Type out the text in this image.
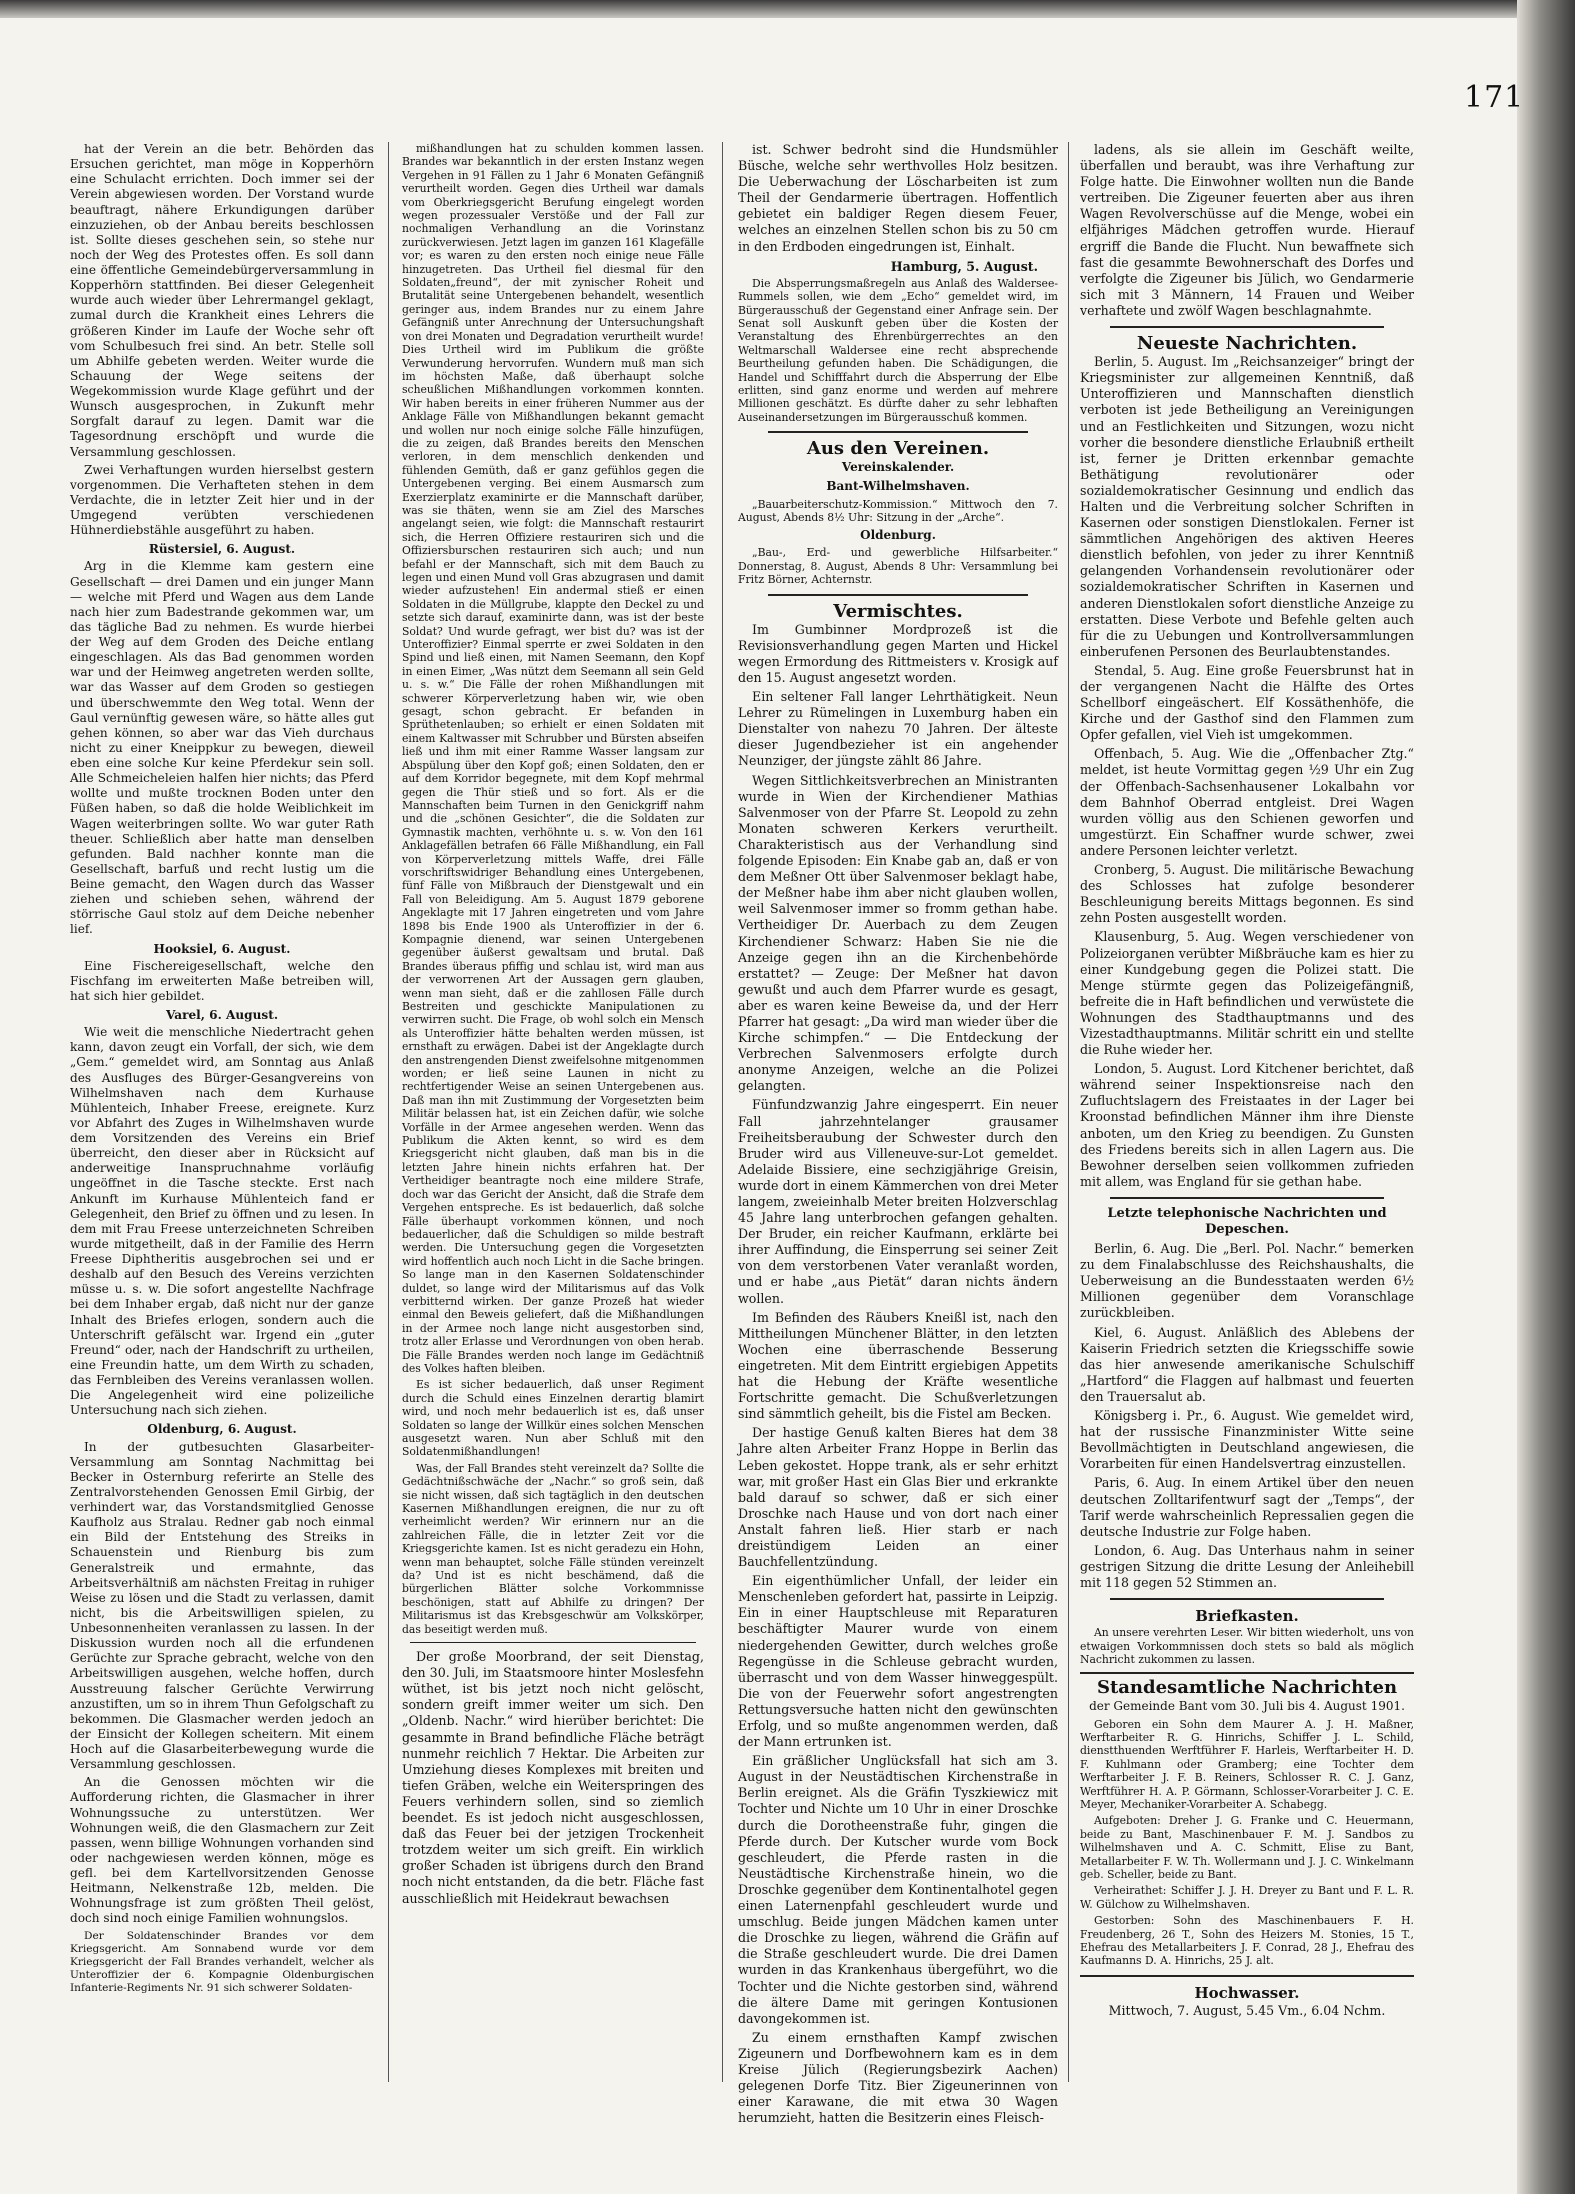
171

hat der Verein an die betr. Behörden das Ersuchen gerichtet, man möge in Kopperhörn eine Schulacht errichten. Doch immer sei der Verein abgewiesen worden. Der Vorstand wurde beauftragt, nähere Erkundigungen darüber einzuziehen, ob der Anbau bereits beschlossen ist. Sollte dieses geschehen sein, so stehe nur noch der Weg des Protestes offen. Es soll dann eine öffentliche Gemeindebürgerversammlung in Kopperhörn stattfinden. Bei dieser Gelegenheit wurde auch wieder über Lehrermangel geklagt, zumal durch die Krankheit eines Lehrers die größeren Kinder im Laufe der Woche sehr oft vom Schulbesuch frei sind. An betr. Stelle soll um Abhilfe gebeten werden. Weiter wurde die Schauung der Wege seitens der Wegekommission wurde Klage geführt und der Wunsch ausgesprochen, in Zukunft mehr Sorgfalt darauf zu legen. Damit war die Tagesordnung erschöpft und wurde die Versammlung geschlossen.

Zwei Verhaftungen wurden hierselbst gestern vorgenommen. Die Verhafteten stehen in dem Verdachte, die in letzter Zeit hier und in der Umgegend verübten verschiedenen Hühnerdiebstähle ausgeführt zu haben.

Rüstersiel, 6. August.

Arg in die Klemme kam gestern eine Gesellschaft — drei Damen und ein junger Mann — welche mit Pferd und Wagen aus dem Lande nach hier zum Badestrande gekommen war, um das tägliche Bad zu nehmen. Es wurde hierbei der Weg auf dem Groden des Deiche entlang eingeschlagen. Als das Bad genommen worden war und der Heimweg angetreten werden sollte, war das Wasser auf dem Groden so gestiegen und überschwemmte den Weg total. Wenn der Gaul vernünftig gewesen wäre, so hätte alles gut gehen können, so aber war das Vieh durchaus nicht zu einer Kneippkur zu bewegen, dieweil eben eine solche Kur keine Pferdekur sein soll. Alle Schmeicheleien halfen hier nichts; das Pferd wollte und mußte trocknen Boden unter den Füßen haben, so daß die holde Weiblichkeit im Wagen weiterbringen sollte. Wo war guter Rath theuer. Schließlich aber hatte man denselben gefunden. Bald nachher konnte man die Gesellschaft, barfuß und recht lustig um die Beine gemacht, den Wagen durch das Wasser ziehen und schieben sehen, während der störrische Gaul stolz auf dem Deiche nebenher lief.

Hooksiel, 6. August.

Eine Fischereigesellschaft, welche den Fischfang im erweiterten Maße betreiben will, hat sich hier gebildet.

Varel, 6. August.

Wie weit die menschliche Niedertracht gehen kann, davon zeugt ein Vorfall, der sich, wie dem „Gem.“ gemeldet wird, am Sonntag aus Anlaß des Ausfluges des Bürger-Gesangvereins von Wilhelmshaven nach dem Kurhause Mühlenteich, Inhaber Freese, ereignete. Kurz vor Abfahrt des Zuges in Wilhelmshaven wurde dem Vorsitzenden des Vereins ein Brief überreicht, den dieser aber in Rücksicht auf anderweitige Inanspruchnahme vorläufig ungeöffnet in die Tasche steckte. Erst nach Ankunft im Kurhause Mühlenteich fand er Gelegenheit, den Brief zu öffnen und zu lesen. In dem mit Frau Freese unterzeichneten Schreiben wurde mitgetheilt, daß in der Familie des Herrn Freese Diphtheritis ausgebrochen sei und er deshalb auf den Besuch des Vereins verzichten müsse u. s. w. Die sofort angestellte Nachfrage bei dem Inhaber ergab, daß nicht nur der ganze Inhalt des Briefes erlogen, sondern auch die Unterschrift gefälscht war. Irgend ein „guter Freund“ oder, nach der Handschrift zu urtheilen, eine Freundin hatte, um dem Wirth zu schaden, das Fernbleiben des Vereins veranlassen wollen. Die Angelegenheit wird eine polizeiliche Untersuchung nach sich ziehen.

Oldenburg, 6. August.

In der gutbesuchten Glasarbeiter-Versammlung am Sonntag Nachmittag bei Becker in Osternburg referirte an Stelle des Zentralvorstehenden Genossen Emil Girbig, der verhindert war, das Vorstandsmitglied Genosse Kaufholz aus Stralau. Redner gab noch einmal ein Bild der Entstehung des Streiks in Schauenstein und Rienburg bis zum Generalstreik und ermahnte, das Arbeitsverhältniß am nächsten Freitag in ruhiger Weise zu lösen und die Stadt zu verlassen, damit nicht, bis die Arbeitswilligen spielen, zu Unbesonnenheiten veranlassen zu lassen. In der Diskussion wurden noch all die erfundenen Gerüchte zur Sprache gebracht, welche von den Arbeitswilligen ausgehen, welche hoffen, durch Ausstreuung falscher Gerüchte Verwirrung anzustiften, um so in ihrem Thun Gefolgschaft zu bekommen. Die Glasmacher werden jedoch an der Einsicht der Kollegen scheitern. Mit einem Hoch auf die Glasarbeiterbewegung wurde die Versammlung geschlossen.

An die Genossen möchten wir die Aufforderung richten, die Glasmacher in ihrer Wohnungssuche zu unterstützen. Wer Wohnungen weiß, die den Glasmachern zur Zeit passen, wenn billige Wohnungen vorhanden sind oder nachgewiesen werden können, möge es gefl. bei dem Kartellvorsitzenden Genosse Heitmann, Nelkenstraße 12b, melden. Die Wohnungsfrage ist zum größten Theil gelöst, doch sind noch einige Familien wohnungslos.

Der Soldatenschinder Brandes vor dem Kriegsgericht. Am Sonnabend wurde vor dem Kriegsgericht der Fall Brandes verhandelt, welcher als Unteroffizier der 6. Kompagnie Oldenburgischen Infanterie-Regiments Nr. 91 sich schwerer Soldaten-

mißhandlungen hat zu schulden kommen lassen. Brandes war bekanntlich in der ersten Instanz wegen Vergehen in 91 Fällen zu 1 Jahr 6 Monaten Gefängniß verurtheilt worden. Gegen dies Urtheil war damals vom Oberkriegsgericht Berufung eingelegt worden wegen prozessualer Verstöße und der Fall zur nochmaligen Verhandlung an die Vorinstanz zurückverwiesen. Jetzt lagen im ganzen 161 Klagefälle vor; es waren zu den ersten noch einige neue Fälle hinzugetreten. Das Urtheil fiel diesmal für den Soldaten„freund“, der mit zynischer Roheit und Brutalität seine Untergebenen behandelt, wesentlich geringer aus, indem Brandes nur zu einem Jahre Gefängniß unter Anrechnung der Untersuchungshaft von drei Monaten und Degradation verurtheilt wurde! Dies Urtheil wird im Publikum die größte Verwunderung hervorrufen. Wundern muß man sich im höchsten Maße, daß überhaupt solche scheußlichen Mißhandlungen vorkommen konnten. Wir haben bereits in einer früheren Nummer aus der Anklage Fälle von Mißhandlungen bekannt gemacht und wollen nur noch einige solche Fälle hinzufügen, die zu zeigen, daß Brandes bereits den Menschen verloren, in dem menschlich denkenden und fühlenden Gemüth, daß er ganz gefühlos gegen die Untergebenen verging. Bei einem Ausmarsch zum Exerzierplatz examinirte er die Mannschaft darüber, was sie thäten, wenn sie am Ziel des Marsches angelangt seien, wie folgt: die Mannschaft restaurirt sich, die Herren Offiziere restauriren sich und die Offiziersburschen restauriren sich auch; und nun befahl er der Mannschaft, sich mit dem Bauch zu legen und einen Mund voll Gras abzugrasen und damit wieder aufzustehen! Ein andermal stieß er einen Soldaten in die Müllgrube, klappte den Deckel zu und setzte sich darauf, examinirte dann, was ist der beste Soldat? Und wurde gefragt, wer bist du? was ist der Unteroffizier? Einmal sperrte er zwei Soldaten in den Spind und ließ einen, mit Namen Seemann, den Kopf in einen Eimer, „Was nützt dem Seemann all sein Geld u. s. w.“ Die Fälle der rohen Mißhandlungen mit schwerer Körperverletzung haben wir, wie oben gesagt, schon gebracht. Er befanden in Sprüthetenlauben; so erhielt er einen Soldaten mit einem Kaltwasser mit Schrubber und Bürsten abseifen ließ und ihm mit einer Ramme Wasser langsam zur Abspülung über den Kopf goß; einen Soldaten, den er auf dem Korridor begegnete, mit dem Kopf mehrmal gegen die Thür stieß und so fort. Als er die Mannschaften beim Turnen in den Genickgriff nahm und die „schönen Gesichter“, die die Soldaten zur Gymnastik machten, verhöhnte u. s. w. Von den 161 Anklagefällen betrafen 66 Fälle Mißhandlung, ein Fall von Körperverletzung mittels Waffe, drei Fälle vorschriftswidriger Behandlung eines Untergebenen, fünf Fälle von Mißbrauch der Dienstgewalt und ein Fall von Beleidigung. Am 5. August 1879 geborene Angeklagte mit 17 Jahren eingetreten und vom Jahre 1898 bis Ende 1900 als Unteroffizier in der 6. Kompagnie dienend, war seinen Untergebenen gegenüber äußerst gewaltsam und brutal. Daß Brandes überaus pfiffig und schlau ist, wird man aus der verworrenen Art der Aussagen gern glauben, wenn man sieht, daß er die zahllosen Fälle durch Bestreiten und geschickte Manipulationen zu verwirren sucht. Die Frage, ob wohl solch ein Mensch als Unteroffizier hätte behalten werden müssen, ist ernsthaft zu erwägen. Dabei ist der Angeklagte durch den anstrengenden Dienst zweifelsohne mitgenommen worden; er ließ seine Launen in nicht zu rechtfertigender Weise an seinen Untergebenen aus. Daß man ihn mit Zustimmung der Vorgesetzten beim Militär belassen hat, ist ein Zeichen dafür, wie solche Vorfälle in der Armee angesehen werden. Wenn das Publikum die Akten kennt, so wird es dem Kriegsgericht nicht glauben, daß man bis in die letzten Jahre hinein nichts erfahren hat. Der Vertheidiger beantragte noch eine mildere Strafe, doch war das Gericht der Ansicht, daß die Strafe dem Vergehen entspreche. Es ist bedauerlich, daß solche Fälle überhaupt vorkommen können, und noch bedauerlicher, daß die Schuldigen so milde bestraft werden. Die Untersuchung gegen die Vorgesetzten wird hoffentlich auch noch Licht in die Sache bringen. So lange man in den Kasernen Soldatenschinder duldet, so lange wird der Militarismus auf das Volk verbitternd wirken. Der ganze Prozeß hat wieder einmal den Beweis geliefert, daß die Mißhandlungen in der Armee noch lange nicht ausgestorben sind, trotz aller Erlasse und Verordnungen von oben herab. Die Fälle Brandes werden noch lange im Gedächtniß des Volkes haften bleiben.

Es ist sicher bedauerlich, daß unser Regiment durch die Schuld eines Einzelnen derartig blamirt wird, und noch mehr bedauerlich ist es, daß unser Soldaten so lange der Willkür eines solchen Menschen ausgesetzt waren. Nun aber Schluß mit den Soldatenmißhandlungen!

Was, der Fall Brandes steht vereinzelt da? Sollte die Gedächtnißschwäche der „Nachr.“ so groß sein, daß sie nicht wissen, daß sich tagtäglich in den deutschen Kasernen Mißhandlungen ereignen, die nur zu oft verheimlicht werden? Wir erinnern nur an die zahlreichen Fälle, die in letzter Zeit vor die Kriegsgerichte kamen. Ist es nicht geradezu ein Hohn, wenn man behauptet, solche Fälle stünden vereinzelt da? Und ist es nicht beschämend, daß die bürgerlichen Blätter solche Vorkommnisse beschönigen, statt auf Abhilfe zu dringen? Der Militarismus ist das Krebsgeschwür am Volkskörper, das beseitigt werden muß.

Der große Moorbrand, der seit Dienstag, den 30. Juli, im Staatsmoore hinter Moslesfehn wüthet, ist bis jetzt noch nicht gelöscht, sondern greift immer weiter um sich. Den „Oldenb. Nachr.“ wird hierüber berichtet: Die gesammte in Brand befindliche Fläche beträgt nunmehr reichlich 7 Hektar. Die Arbeiten zur Umziehung dieses Komplexes mit breiten und tiefen Gräben, welche ein Weiterspringen des Feuers verhindern sollen, sind so ziemlich beendet. Es ist jedoch nicht ausgeschlossen, daß das Feuer bei der jetzigen Trockenheit trotzdem weiter um sich greift. Ein wirklich großer Schaden ist übrigens durch den Brand noch nicht entstanden, da die betr. Fläche fast ausschließlich mit Heidekraut bewachsen

ist. Schwer bedroht sind die Hundsmühler Büsche, welche sehr werthvolles Holz besitzen. Die Ueberwachung der Löscharbeiten ist zum Theil der Gendarmerie übertragen. Hoffentlich gebietet ein baldiger Regen diesem Feuer, welches an einzelnen Stellen schon bis zu 50 cm in den Erdboden eingedrungen ist, Einhalt.

Hamburg, 5. August.

Die Absperrungsmaßregeln aus Anlaß des Waldersee-Rummels sollen, wie dem „Echo“ gemeldet wird, im Bürgerausschuß der Gegenstand einer Anfrage sein. Der Senat soll Auskunft geben über die Kosten der Veranstaltung des Ehrenbürgerrechtes an den Weltmarschall Waldersee eine recht absprechende Beurtheilung gefunden haben. Die Schädigungen, die Handel und Schifffahrt durch die Absperrung der Elbe erlitten, sind ganz enorme und werden auf mehrere Millionen geschätzt. Es dürfte daher zu sehr lebhaften Auseinandersetzungen im Bürgerausschuß kommen.

Aus den Vereinen.
Vereinskalender.
Bant-Wilhelmshaven.

„Bauarbeiterschutz-Kommission.“ Mittwoch den 7. August, Abends 8½ Uhr: Sitzung in der „Arche“.

Oldenburg.

„Bau-, Erd- und gewerbliche Hilfsarbeiter.“ Donnerstag, 8. August, Abends 8 Uhr: Versammlung bei Fritz Börner, Achternstr.

Vermischtes.

Im Gumbinner Mordprozeß ist die Revisionsverhandlung gegen Marten und Hickel wegen Ermordung des Rittmeisters v. Krosigk auf den 15. August angesetzt worden.

Ein seltener Fall langer Lehrthätigkeit. Neun Lehrer zu Rümelingen in Luxemburg haben ein Dienstalter von nahezu 70 Jahren. Der älteste dieser Jugendbezieher ist ein angehender Neunziger, der jüngste zählt 86 Jahre.

Wegen Sittlichkeitsverbrechen an Ministranten wurde in Wien der Kirchendiener Mathias Salvenmoser von der Pfarre St. Leopold zu zehn Monaten schweren Kerkers verurtheilt. Charakteristisch aus der Verhandlung sind folgende Episoden: Ein Knabe gab an, daß er von dem Meßner Ott über Salvenmoser beklagt habe, der Meßner habe ihm aber nicht glauben wollen, weil Salvenmoser immer so fromm gethan habe. Vertheidiger Dr. Auerbach zu dem Zeugen Kirchendiener Schwarz: Haben Sie nie die Anzeige gegen ihn an die Kirchenbehörde erstattet? — Zeuge: Der Meßner hat davon gewußt und auch dem Pfarrer wurde es gesagt, aber es waren keine Beweise da, und der Herr Pfarrer hat gesagt: „Da wird man wieder über die Kirche schimpfen.“ — Die Entdeckung der Verbrechen Salvenmosers erfolgte durch anonyme Anzeigen, welche an die Polizei gelangten.

Fünfundzwanzig Jahre eingesperrt. Ein neuer Fall jahrzehntelanger grausamer Freiheitsberaubung der Schwester durch den Bruder wird aus Villeneuve-sur-Lot gemeldet. Adelaide Bissiere, eine sechzigjährige Greisin, wurde dort in einem Kämmerchen von drei Meter langem, zweieinhalb Meter breiten Holzverschlag 45 Jahre lang unterbrochen gefangen gehalten. Der Bruder, ein reicher Kaufmann, erklärte bei ihrer Auffindung, die Einsperrung sei seiner Zeit von dem verstorbenen Vater veranlaßt worden, und er habe „aus Pietät“ daran nichts ändern wollen.

Im Befinden des Räubers Kneißl ist, nach den Mittheilungen Münchener Blätter, in den letzten Wochen eine überraschende Besserung eingetreten. Mit dem Eintritt ergiebigen Appetits hat die Hebung der Kräfte wesentliche Fortschritte gemacht. Die Schußverletzungen sind sämmtlich geheilt, bis die Fistel am Becken.

Der hastige Genuß kalten Bieres hat dem 38 Jahre alten Arbeiter Franz Hoppe in Berlin das Leben gekostet. Hoppe trank, als er sehr erhitzt war, mit großer Hast ein Glas Bier und erkrankte bald darauf so schwer, daß er sich einer Droschke nach Hause und von dort nach einer Anstalt fahren ließ. Hier starb er nach dreistündigem Leiden an einer Bauchfellentzündung.

Ein eigenthümlicher Unfall, der leider ein Menschenleben gefordert hat, passirte in Leipzig. Ein in einer Hauptschleuse mit Reparaturen beschäftigter Maurer wurde von einem niedergehenden Gewitter, durch welches große Regengüsse in die Schleuse gebracht wurden, überrascht und von dem Wasser hinweggespült. Die von der Feuerwehr sofort angestrengten Rettungsversuche hatten nicht den gewünschten Erfolg, und so mußte angenommen werden, daß der Mann ertrunken ist.

Ein gräßlicher Unglücksfall hat sich am 3. August in der Neustädtischen Kirchenstraße in Berlin ereignet. Als die Gräfin Tyszkiewicz mit Tochter und Nichte um 10 Uhr in einer Droschke durch die Dorotheenstraße fuhr, gingen die Pferde durch. Der Kutscher wurde vom Bock geschleudert, die Pferde rasten in die Neustädtische Kirchenstraße hinein, wo die Droschke gegenüber dem Kontinentalhotel gegen einen Laternenpfahl geschleudert wurde und umschlug. Beide jungen Mädchen kamen unter die Droschke zu liegen, während die Gräfin auf die Straße geschleudert wurde. Die drei Damen wurden in das Krankenhaus übergeführt, wo die Tochter und die Nichte gestorben sind, während die ältere Dame mit geringen Kontusionen davongekommen ist.

Zu einem ernsthaften Kampf zwischen Zigeunern und Dorfbewohnern kam es in dem Kreise Jülich (Regierungsbezirk Aachen) gelegenen Dorfe Titz. Bier Zigeunerinnen von einer Karawane, die mit etwa 30 Wagen herumzieht, hatten die Besitzerin eines Fleisch-

ladens, als sie allein im Geschäft weilte, überfallen und beraubt, was ihre Verhaftung zur Folge hatte. Die Einwohner wollten nun die Bande vertreiben. Die Zigeuner feuerten aber aus ihren Wagen Revolverschüsse auf die Menge, wobei ein elfjähriges Mädchen getroffen wurde. Hierauf ergriff die Bande die Flucht. Nun bewaffnete sich fast die gesammte Bewohnerschaft des Dorfes und verfolgte die Zigeuner bis Jülich, wo Gendarmerie sich mit 3 Männern, 14 Frauen und Weiber verhaftete und zwölf Wagen beschlagnahmte.

Neueste Nachrichten.

Berlin, 5. August. Im „Reichsanzeiger“ bringt der Kriegsminister zur allgemeinen Kenntniß, daß Unteroffizieren und Mannschaften dienstlich verboten ist jede Betheiligung an Vereinigungen und an Festlichkeiten und Sitzungen, wozu nicht vorher die besondere dienstliche Erlaubniß ertheilt ist, ferner je Dritten erkennbar gemachte Bethätigung revolutionärer oder sozialdemokratischer Gesinnung und endlich das Halten und die Verbreitung solcher Schriften in Kasernen oder sonstigen Dienstlokalen. Ferner ist sämmtlichen Angehörigen des aktiven Heeres dienstlich befohlen, von jeder zu ihrer Kenntniß gelangenden Vorhandensein revolutionärer oder sozialdemokratischer Schriften in Kasernen und anderen Dienstlokalen sofort dienstliche Anzeige zu erstatten. Diese Verbote und Befehle gelten auch für die zu Uebungen und Kontrollversammlungen einberufenen Personen des Beurlaubtenstandes.

Stendal, 5. Aug. Eine große Feuersbrunst hat in der vergangenen Nacht die Hälfte des Ortes Schellborf eingeäschert. Elf Kossäthenhöfe, die Kirche und der Gasthof sind den Flammen zum Opfer gefallen, viel Vieh ist umgekommen.

Offenbach, 5. Aug. Wie die „Offenbacher Ztg.“ meldet, ist heute Vormittag gegen ½9 Uhr ein Zug der Offenbach-Sachsenhausener Lokalbahn vor dem Bahnhof Oberrad entgleist. Drei Wagen wurden völlig aus den Schienen geworfen und umgestürzt. Ein Schaffner wurde schwer, zwei andere Personen leichter verletzt.

Cronberg, 5. August. Die militärische Bewachung des Schlosses hat zufolge besonderer Beschleunigung bereits Mittags begonnen. Es sind zehn Posten ausgestellt worden.

Klausenburg, 5. Aug. Wegen verschiedener von Polizeiorganen verübter Mißbräuche kam es hier zu einer Kundgebung gegen die Polizei statt. Die Menge stürmte gegen das Polizeigefängniß, befreite die in Haft befindlichen und verwüstete die Wohnungen des Stadthauptmanns und des Vizestadthauptmanns. Militär schritt ein und stellte die Ruhe wieder her.

London, 5. August. Lord Kitchener berichtet, daß während seiner Inspektionsreise nach den Zufluchtslagern des Freistaates in der Lager bei Kroonstad befindlichen Männer ihm ihre Dienste anboten, um den Krieg zu beendigen. Zu Gunsten des Friedens bereits sich in allen Lagern aus. Die Bewohner derselben seien vollkommen zufrieden mit allem, was England für sie gethan habe.

Letzte telephonische Nachrichten und Depeschen.

Berlin, 6. Aug. Die „Berl. Pol. Nachr.“ bemerken zu dem Finalabschlusse des Reichshaushalts, die Ueberweisung an die Bundesstaaten werden 6½ Millionen gegenüber dem Voranschlage zurückbleiben.

Kiel, 6. August. Anläßlich des Ablebens der Kaiserin Friedrich setzten die Kriegsschiffe sowie das hier anwesende amerikanische Schulschiff „Hartford“ die Flaggen auf halbmast und feuerten den Trauersalut ab.

Königsberg i. Pr., 6. August. Wie gemeldet wird, hat der russische Finanzminister Witte seine Bevollmächtigten in Deutschland angewiesen, die Vorarbeiten für einen Handelsvertrag einzustellen.

Paris, 6. Aug. In einem Artikel über den neuen deutschen Zolltarifentwurf sagt der „Temps“, der Tarif werde wahrscheinlich Repressalien gegen die deutsche Industrie zur Folge haben.

London, 6. Aug. Das Unterhaus nahm in seiner gestrigen Sitzung die dritte Lesung der Anleihebill mit 118 gegen 52 Stimmen an.

Briefkasten.

An unsere verehrten Leser. Wir bitten wiederholt, uns von etwaigen Vorkommnissen doch stets so bald als möglich Nachricht zukommen zu lassen.

Standesamtliche Nachrichten
der Gemeinde Bant vom 30. Juli bis 4. August 1901.

Geboren ein Sohn dem Maurer A. J. H. Maßner, Werftarbeiter R. G. Hinrichs, Schiffer J. L. Schild, dienstthuenden Werftführer F. Harleis, Werftarbeiter H. D. F. Kuhlmann oder Gramberg; eine Tochter dem Werftarbeiter J. F. B. Reiners, Schlosser R. C. J. Ganz, Werftführer H. A. P. Görmann, Schlosser-Vorarbeiter J. C. E. Meyer, Mechaniker-Vorarbeiter A. Schabegg.

Aufgeboten: Dreher J. G. Franke und C. Heuermann, beide zu Bant, Maschinenbauer F. M. J. Sandbos zu Wilhelmshaven und A. C. Schmitt, Elise zu Bant, Metallarbeiter F. W. Th. Wollermann und J. J. C. Winkelmann geb. Scheller, beide zu Bant.

Verheirathet: Schiffer J. J. H. Dreyer zu Bant und F. L. R. W. Gülchow zu Wilhelmshaven.

Gestorben: Sohn des Maschinenbauers F. H. Freudenberg, 26 T., Sohn des Heizers M. Stonies, 15 T., Ehefrau des Metallarbeiters J. F. Conrad, 28 J., Ehefrau des Kaufmanns D. A. Hinrichs, 25 J. alt.

Hochwasser.

Mittwoch, 7. August, 5.45 Vm., 6.04 Nchm.
